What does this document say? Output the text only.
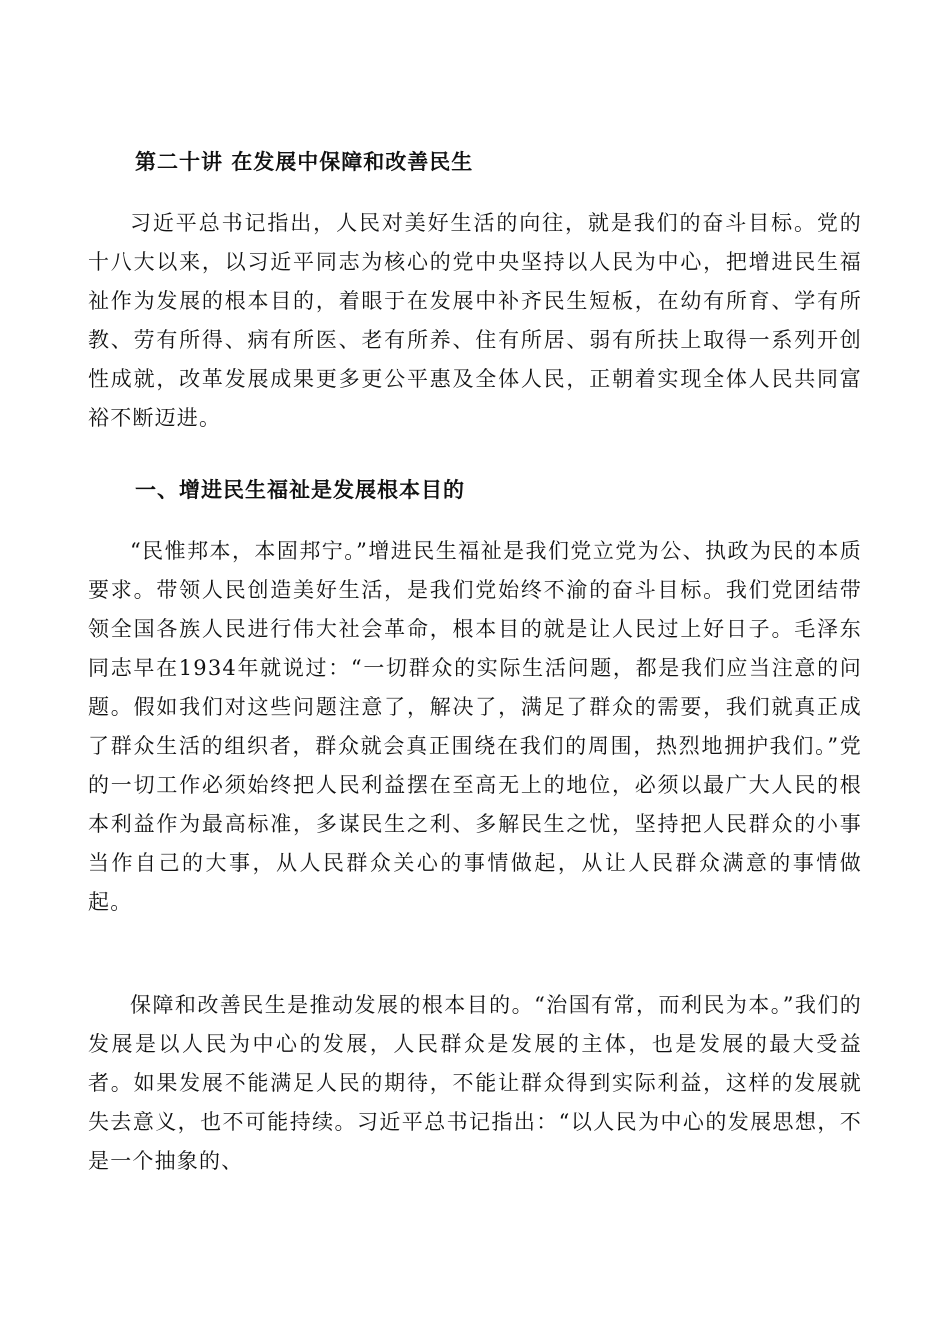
第二十讲 在发展中保障和改善民生

习近平总书记指出，人民对美好生活的向往，就是我们的奋斗目标。党的十八大以来，以习近平同志为核心的党中央坚持以人民为中心，把增进民生福祉作为发展的根本目的，着眼于在发展中补齐民生短板，在幼有所育、学有所教、劳有所得、病有所医、老有所养、住有所居、弱有所扶上取得一系列开创性成就，改革发展成果更多更公平惠及全体人民，正朝着实现全体人民共同富裕不断迈进。

一、增进民生福祉是发展根本目的

“民惟邦本，本固邦宁。”增进民生福祉是我们党立党为公、执政为民的本质要求。带领人民创造美好生活，是我们党始终不渝的奋斗目标。我们党团结带领全国各族人民进行伟大社会革命，根本目的就是让人民过上好日子。毛泽东同志早在1934年就说过：“一切群众的实际生活问题，都是我们应当注意的问题。假如我们对这些问题注意了，解决了，满足了群众的需要，我们就真正成了群众生活的组织者，群众就会真正围绕在我们的周围，热烈地拥护我们。”党的一切工作必须始终把人民利益摆在至高无上的地位，必须以最广大人民的根本利益作为最高标准，多谋民生之利、多解民生之忧，坚持把人民群众的小事当作自己的大事，从人民群众关心的事情做起，从让人民群众满意的事情做起。

保障和改善民生是推动发展的根本目的。“治国有常，而利民为本。”我们的发展是以人民为中心的发展，人民群众是发展的主体，也是发展的最大受益者。如果发展不能满足人民的期待，不能让群众得到实际利益，这样的发展就失去意义，也不可能持续。习近平总书记指出：“以人民为中心的发展思想，不是一个抽象的、
